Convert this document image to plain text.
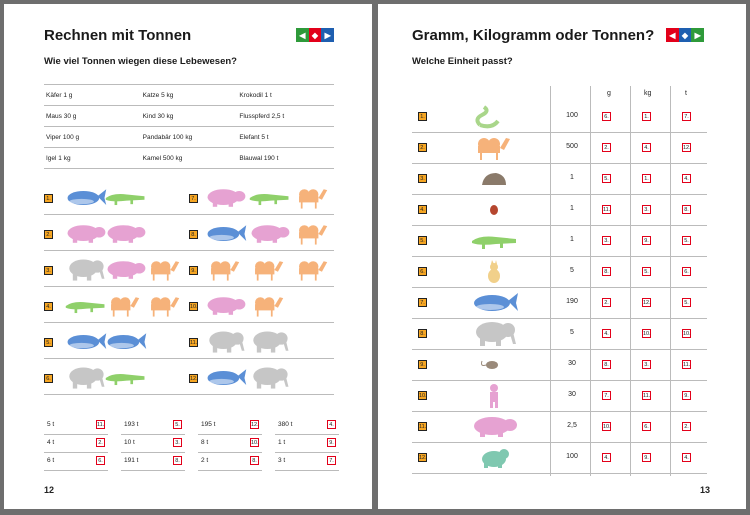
Rechnen mit Tonnen	◀ ◆ ▶
Wie viel Tonnen wiegen diese Lebewesen?
Käfer 1 g	Katze 5 kg	Krokodil 1 t
Maus 30 g	Kind 30 kg	Flusspferd 2,5 t
Viper 100 g	Pandabär 100 kg	Elefant 5 t
Igel 1 kg	Kamel 500 kg	Blauwal 190 t
1.	7.
2.	8.
3.	9.
4.	10.
5.	11.
6.	12.
5 t	11.	193 t	5.	195 t	12.	380 t	4.
4 t	2.	10 t	3.	8 t	10.	1 t	9.
6 t	6.	191 t	8.	2 t	8.	3 t	7.
12
Gramm, Kilogramm oder Tonnen?	◀ ◆ ▶
Welche Einheit passt?
g	kg	t
1.	100	6.	1.	7.
2.	500	2.	4.	12.
3.	1	5.	1.	4.
4.	1	11.	3.	8.
5.	1	3.	9.	5.
6.	5	8.	5.	6.
7.	190	2.	12.	5.
8.	5	4.	10.	10.
9.	30	8.	3.	11.
10.	30	7.	11.	9.
11.	2,5	10.	6.	2.
12.	100	4.	9.	4.
13
